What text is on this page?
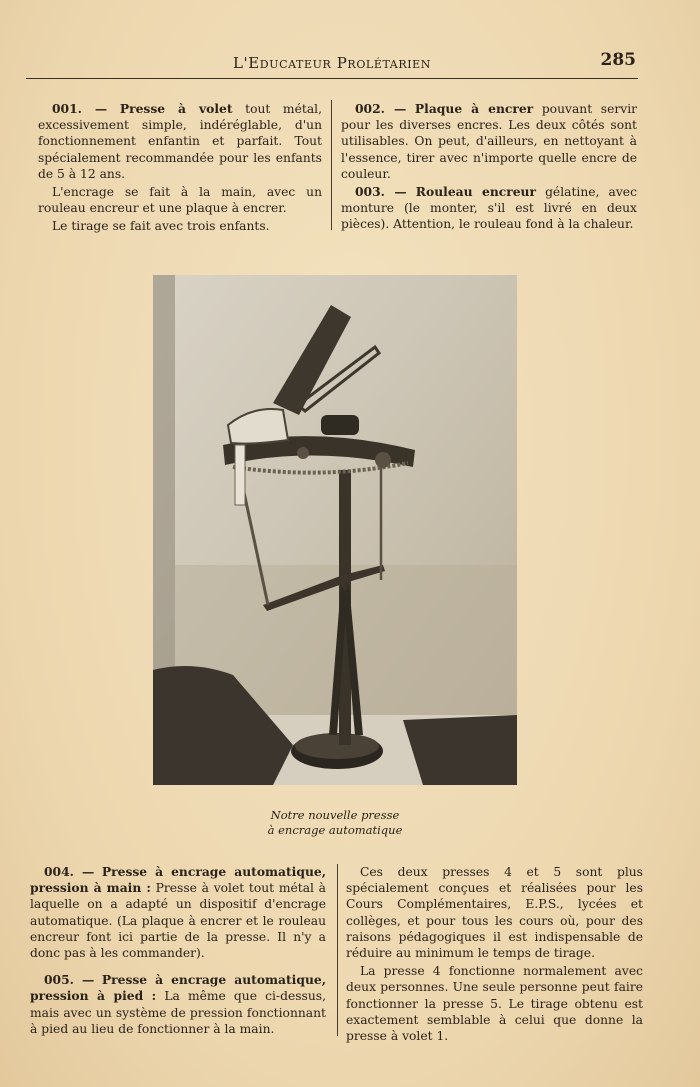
L'Educateur Prolétarien	285

001. — Presse à volet tout métal, excessivement simple, indéréglable, d'un fonctionnement enfantin et parfait. Tout spécialement recommandée pour les enfants de 5 à 12 ans.

L'encrage se fait à la main, avec un rouleau encreur et une plaque à encrer.

Le tirage se fait avec trois enfants.

002. — Plaque à encrer pouvant servir pour les diverses encres. Les deux côtés sont utilisables. On peut, d'ailleurs, en nettoyant à l'essence, tirer avec n'importe quelle encre de couleur.

003. — Rouleau encreur gélatine, avec monture (le monter, s'il est livré en deux pièces). Attention, le rouleau fond à la chaleur.

Notre nouvelle presse
à encrage automatique

004. — Presse à encrage automatique, pression à main : Presse à volet tout métal à laquelle on a adapté un dispositif d'encrage automatique. (La plaque à encrer et le rouleau encreur font ici partie de la presse. Il n'y a donc pas à les commander).

005. — Presse à encrage automatique, pression à pied : La même que ci-dessus, mais avec un système de pression fonctionnant à pied au lieu de fonctionner à la main.

Ces deux presses 4 et 5 sont plus spécialement conçues et réalisées pour les Cours Complémentaires, E.P.S., lycées et collèges, et pour tous les cours où, pour des raisons pédagogiques il est indispensable de réduire au minimum le temps de tirage.

La presse 4 fonctionne normalement avec deux personnes. Une seule personne peut faire fonctionner la presse 5. Le tirage obtenu est exactement semblable à celui que donne la presse à volet 1.
